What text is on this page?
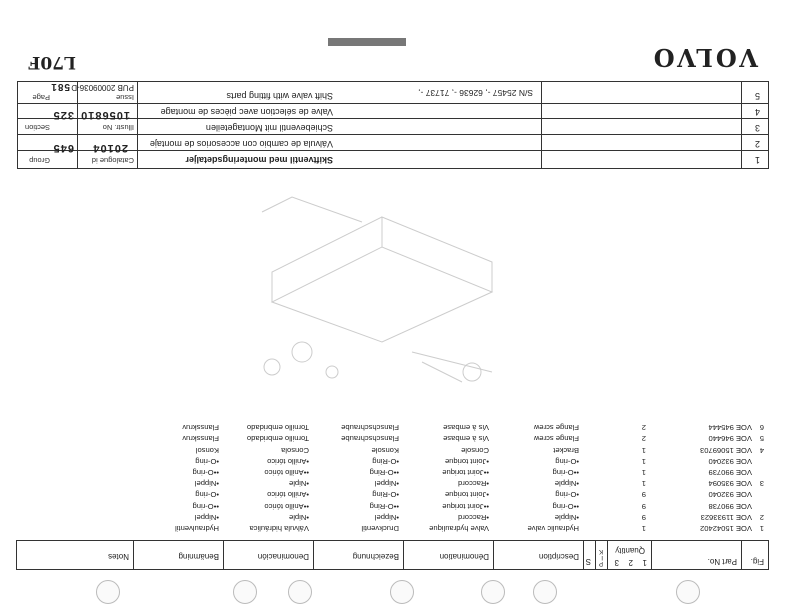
Fig.
Part No.
Quantity
1
2
3
P I K
S
Description
Dénomination
Bezeichnung
Denominación
Benämning
Notes
1
VOE 15042402
1
Hydraulic valve
Valve hydraulique
Druckventil
Válvula hidráulica
Hydraulventil
2
VOE 11933623
9
•Nipple
•Raccord
•Nippel
•Niple
•Nippel
VOE 990738
9
••O-ring
••Joint torique
••O-Ring
••Anillo tórico
••O-ring
VOE 932040
9
•O-ring
•Joint torique
•O-Ring
•Anillo tórico
•O-ring
3
VOE 935094
1
•Nipple
•Raccord
•Nippel
•Niple
•Nippel
VOE 990739
1
••O-ring
••Joint torique
••O-Ring
••Anillo tórico
••O-ring
VOE 932040
1
•O-ring
•Joint torique
•O-Ring
•Anillo tórico
•O-ring
4
VOE 15069703
1
Bracket
Console
Konsole
Consola
Konsol
5
VOE 946440
2
Flange screw
Vis à embase
Flanschschraube
Tornillo embridado
Flansskruv
6
VOE 945444
2
Flange screw
Vis à embase
Flanschschraube
Tornillo embridado
Flansskruv
1
Skiftventil med monteringsdetaljer
2
Válvula de cambio con accesorios de montaje
3
Schiebeventil mit Montageteilen
4
Valve de sélection avec pièces de montage
5
Shift valve with fitting parts	S/N 25457 -, 62636 -, 71737 -,
Group
645
Catalogue id
20104
Section
325
Illustr. No
1056810
Page
581
Issue
PUB 20009036-D
VOLVO
L70F
